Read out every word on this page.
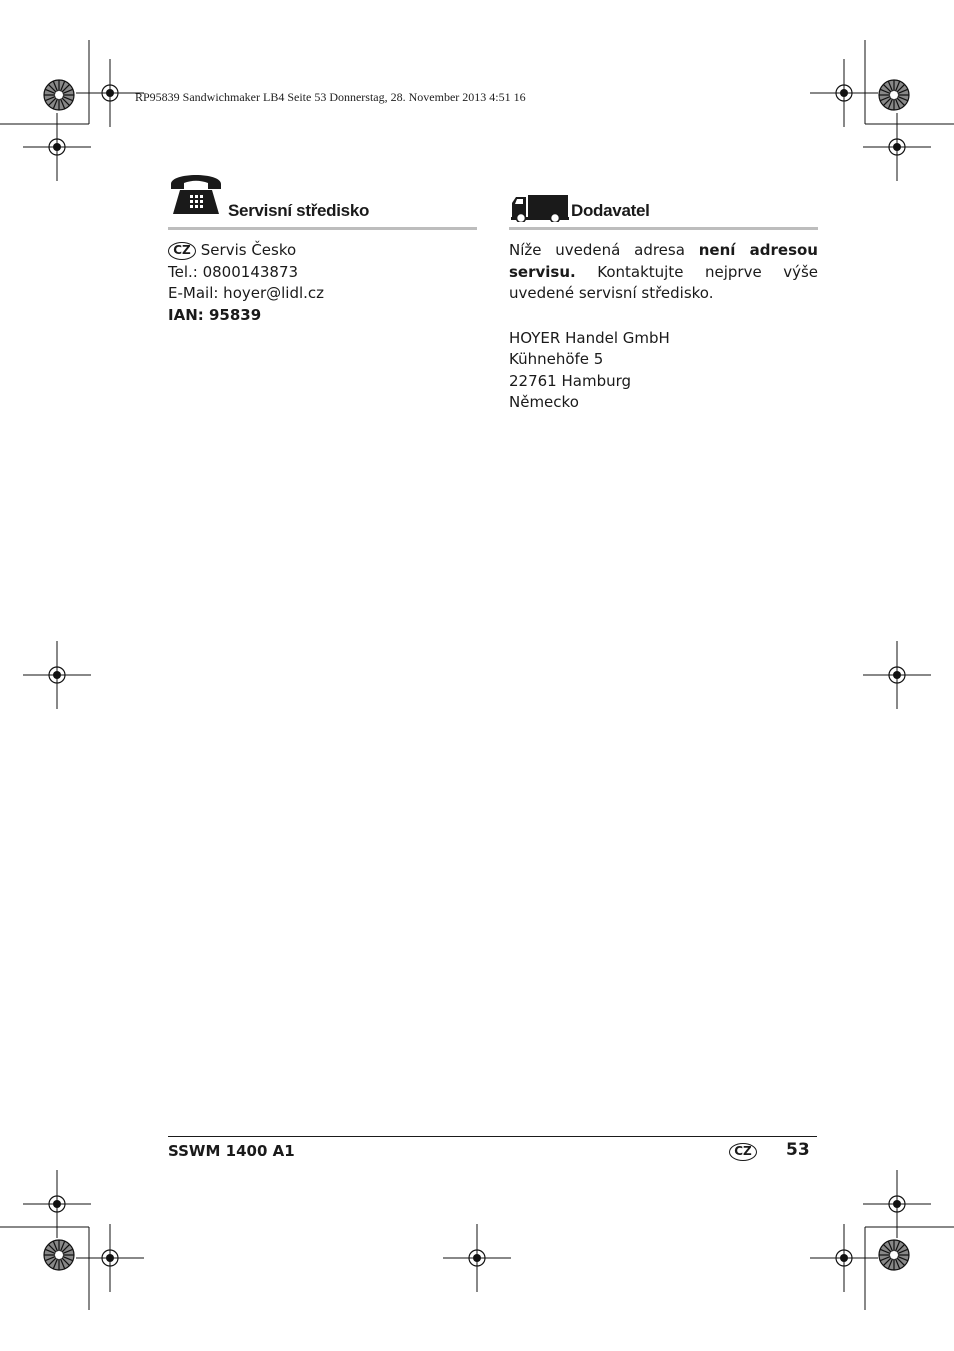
RP95839 Sandwichmaker LB4 Seite 53 Donnerstag, 28. November 2013 4:51 16
Servisní středisko

CZ Servis Česko

Tel.: 0800143873

E-Mail: hoyer@lidl.cz

IAN: 95839

Dodavatel

Níže uvedená adresa není adresou servisu. Kontaktujte nejprve výše uvedené servisní středisko.

HOYER Handel GmbH

Kühnehöfe 5

22761 Hamburg

Německo

SSWM 1400 A1	CZ	53
